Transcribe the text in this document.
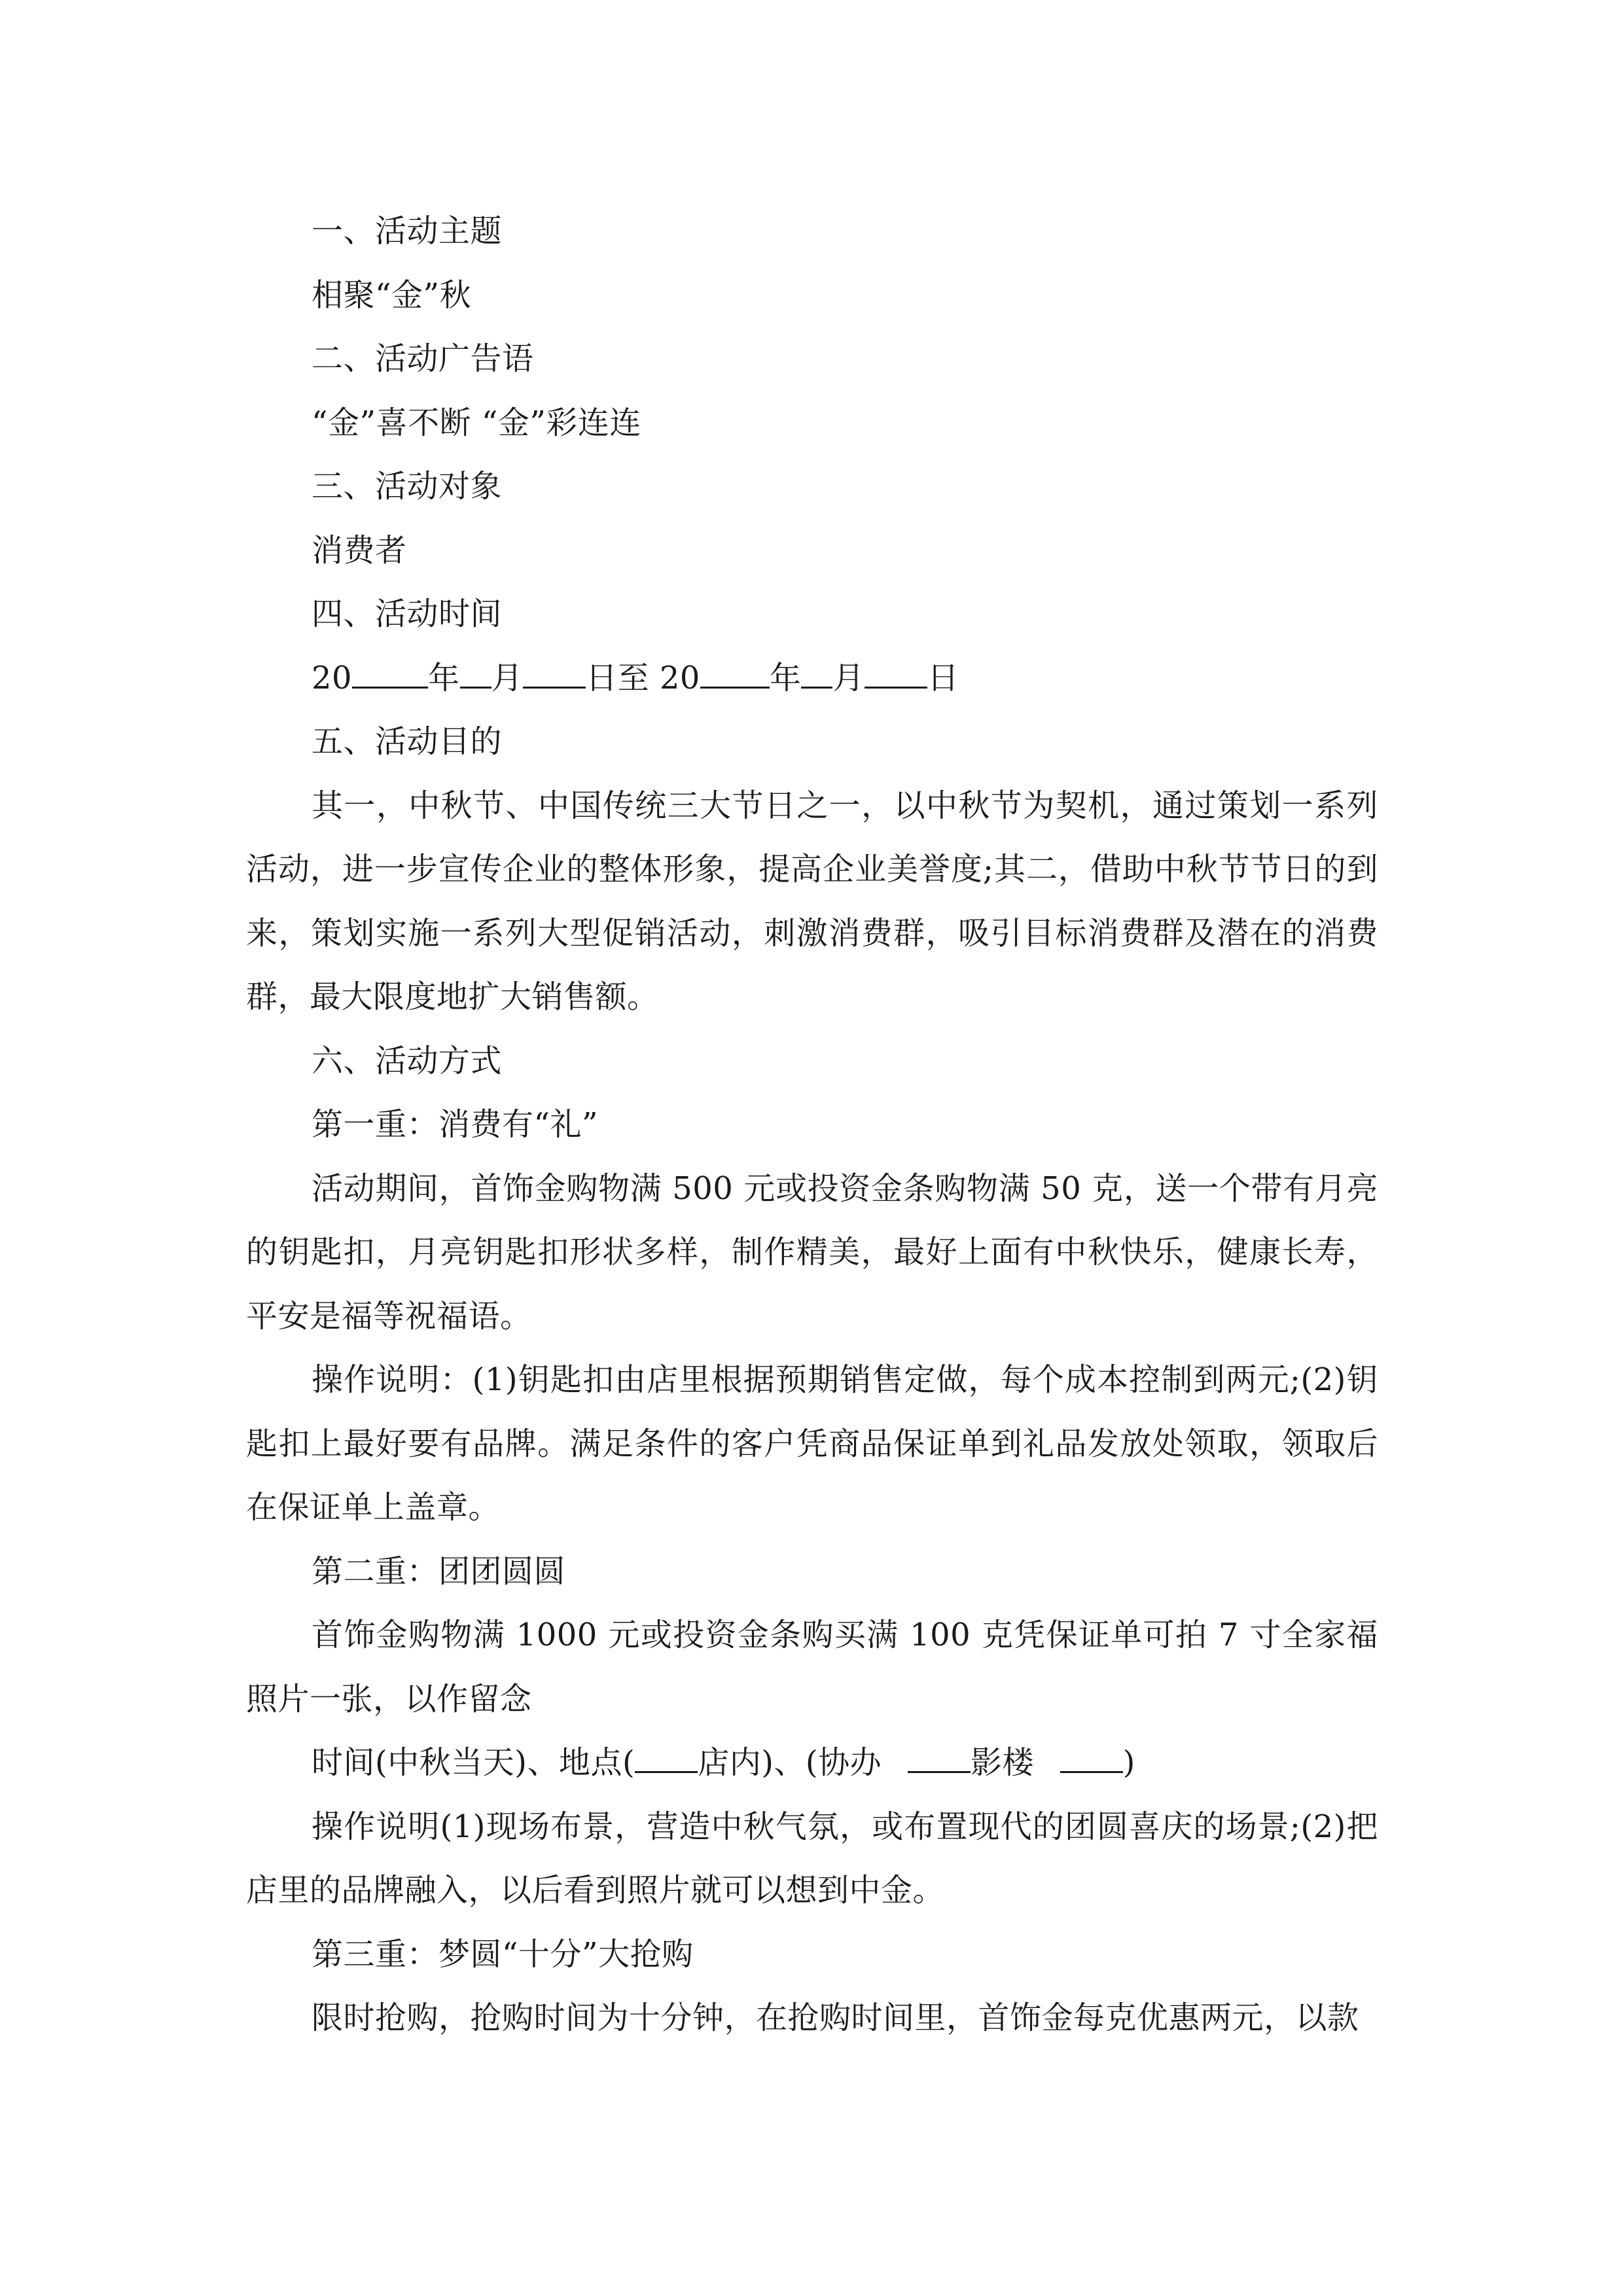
一、活动主题
相聚“金”秋
二、活动广告语
“金”喜不断 “金”彩连连
三、活动对象
消费者
四、活动时间
20 年 月 日至 20 年 月 日
五、活动目的
其一，中秋节、中国传统三大节日之一，以中秋节为契机，通过策划一系列活动，进一步宣传企业的整体形象，提高企业美誉度;其二，借助中秋节节日的到来，策划实施一系列大型促销活动，刺激消费群，吸引目标消费群及潜在的消费群，最大限度地扩大销售额。
六、活动方式
第一重：消费有“礼”
活动期间，首饰金购物满 500 元或投资金条购物满 50 克，送一个带有月亮的钥匙扣，月亮钥匙扣形状多样，制作精美，最好上面有中秋快乐，健康长寿，平安是福等祝福语。
操作说明：(1)钥匙扣由店里根据预期销售定做，每个成本控制到两元;(2)钥匙扣上最好要有品牌。满足条件的客户凭商品保证单到礼品发放处领取，领取后在保证单上盖章。
第二重：团团圆圆
首饰金购物满 1000 元或投资金条购买满 100 克凭保证单可拍 7 寸全家福照片一张，以作留念
时间(中秋当天)、地点( 店内)、(协办	影楼	)
操作说明(1)现场布景，营造中秋气氛，或布置现代的团圆喜庆的场景;(2)把店里的品牌融入，以后看到照片就可以想到中金。
第三重：梦圆“十分”大抢购
限时抢购，抢购时间为十分钟，在抢购时间里，首饰金每克优惠两元，以款
